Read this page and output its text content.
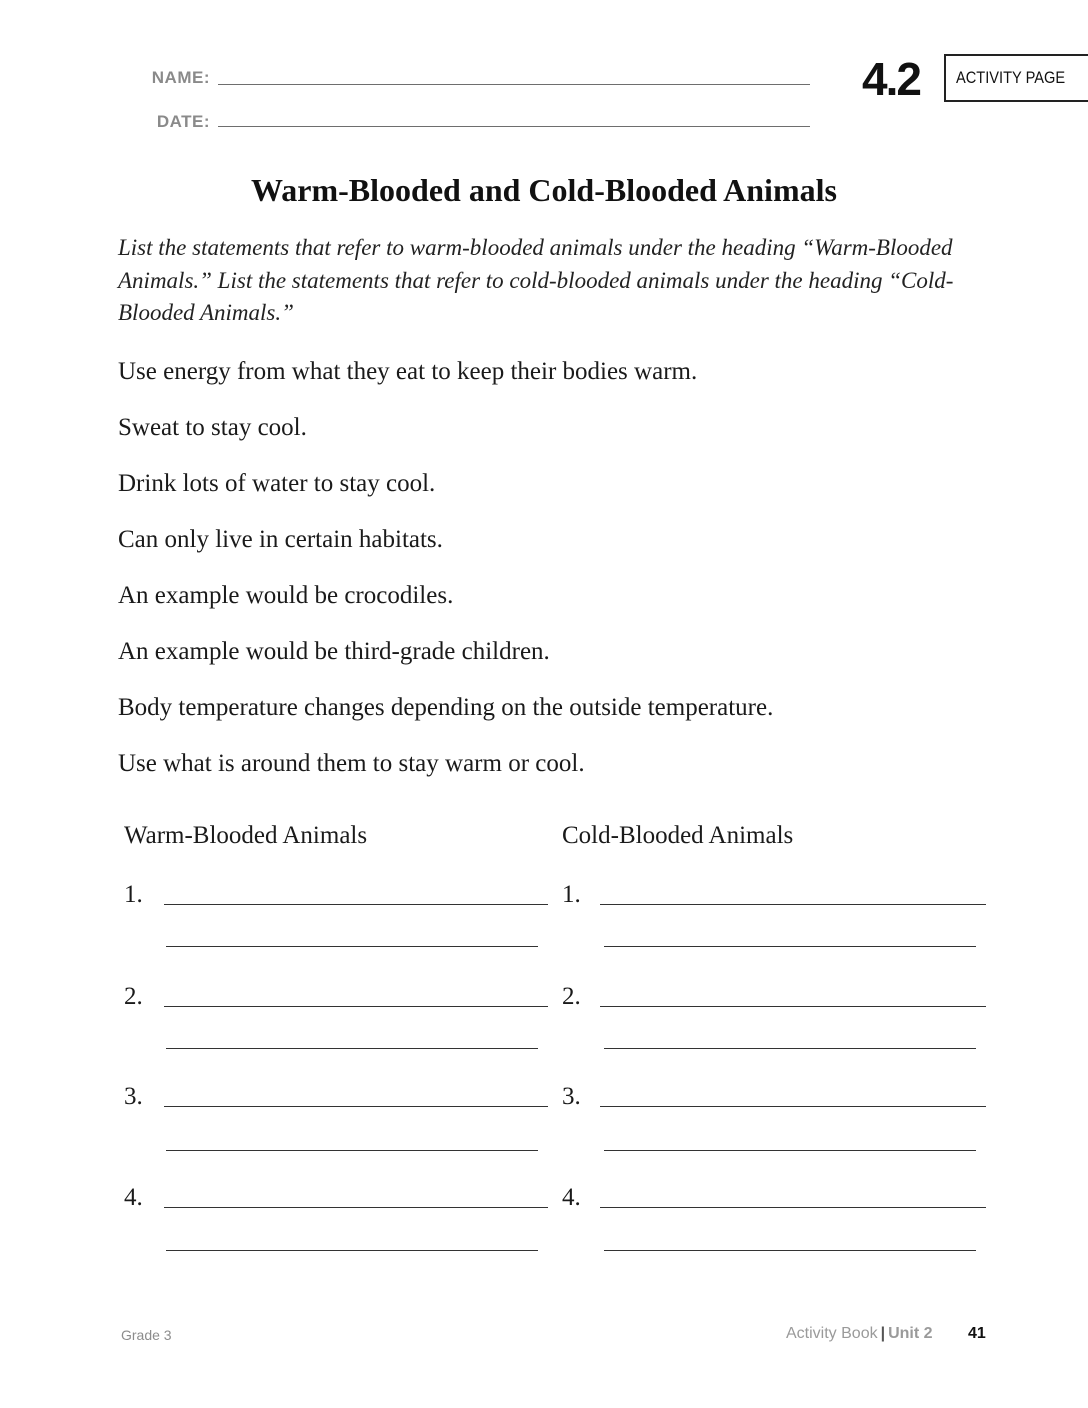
NAME:
DATE:
4.2 ACTIVITY PAGE
Warm-Blooded and Cold-Blooded Animals
List the statements that refer to warm-blooded animals under the heading “Warm-Blooded Animals.” List the statements that refer to cold-blooded animals under the heading “Cold-Blooded Animals.”
Use energy from what they eat to keep their bodies warm.
Sweat to stay cool.
Drink lots of water to stay cool.
Can only live in certain habitats.
An example would be crocodiles.
An example would be third-grade children.
Body temperature changes depending on the outside temperature.
Use what is around them to stay warm or cool.
Warm-Blooded Animals	Cold-Blooded Animals
1.
2.
3.
4.
1.
2.
3.
4.
Grade 3	Activity Book | Unit 2 41
